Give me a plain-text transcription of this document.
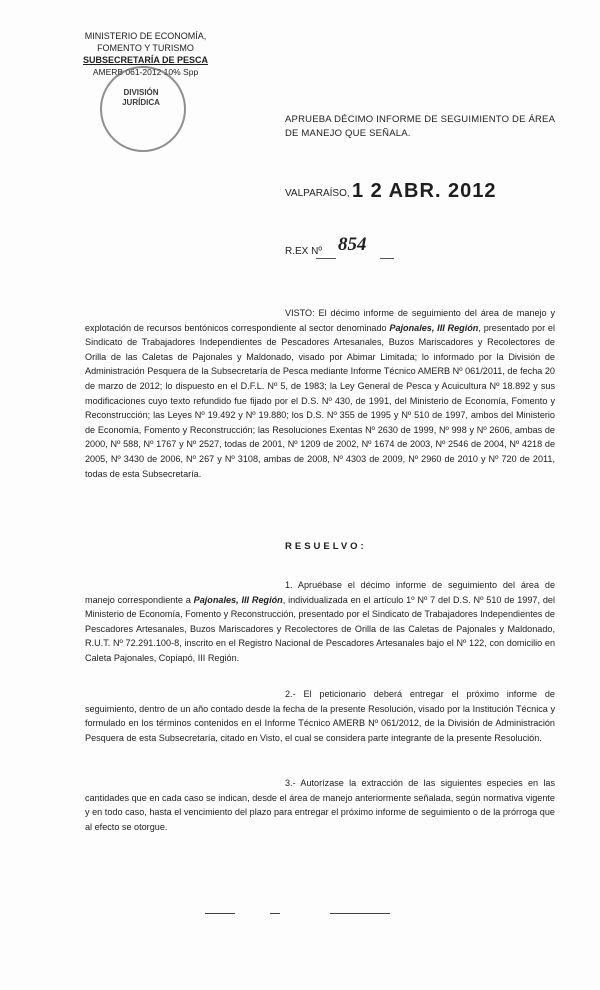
MINISTERIO DE ECONOMÍA,
FOMENTO Y TURISMO
SUBSECRETARÍA DE PESCA
AMERB 061-2012 10% Spp
DIVISIÓN
JURÍDICA
APRUEBA DÉCIMO INFORME DE SEGUIMIENTO DE ÁREA DE MANEJO QUE SEÑALA.
VALPARAÍSO, 1 2 ABR. 2012
R.EX Nº 854
VISTO: El décimo informe de seguimiento del área de manejo y explotación de recursos bentónicos correspondiente al sector denominado Pajonales, III Región, presentado por el Sindicato de Trabajadores Independientes de Pescadores Artesanales, Buzos Mariscadores y Recolectores de Orilla de las Caletas de Pajonales y Maldonado, visado por Abimar Limitada; lo informado por la División de Administración Pesquera de la Subsecretaría de Pesca mediante Informe Técnico AMERB Nº 061/2011, de fecha 20 de marzo de 2012; lo dispuesto en el D.F.L. Nº 5, de 1983; la Ley General de Pesca y Acuicultura Nº 18.892 y sus modificaciones cuyo texto refundido fue fijado por el D.S. Nº 430, de 1991, del Ministerio de Economía, Fomento y Reconstrucción; las Leyes Nº 19.492 y Nº 19.880; los D.S. Nº 355 de 1995 y Nº 510 de 1997, ambos del Ministerio de Economía, Fomento y Reconstrucción; las Resoluciones Exentas Nº 2630 de 1999, Nº 998 y Nº 2606, ambas de 2000, Nº 588, Nº 1767 y Nº 2527, todas de 2001, Nº 1209 de 2002, Nº 1674 de 2003, Nº 2546 de 2004, Nº 4218 de 2005, Nº 3430 de 2006, Nº 267 y Nº 3108, ambas de 2008, Nº 4303 de 2009, Nº 2960 de 2010 y Nº 720 de 2011, todas de esta Subsecretaría.
RESUELVO:
1. Apruébase el décimo informe de seguimiento del área de manejo correspondiente a Pajonales, III Región, individualizada en el artículo 1º Nº 7 del D.S. Nº 510 de 1997, del Ministerio de Economía, Fomento y Reconstrucción, presentado por el Sindicato de Trabajadores Independientes de Pescadores Artesanales, Buzos Mariscadores y Recolectores de Orilla de las Caletas de Pajonales y Maldonado, R.U.T. Nº 72.291.100-8, inscrito en el Registro Nacional de Pescadores Artesanales bajo el Nº 122, con domicilio en Caleta Pajonales, Copiapó, III Región.
2.- El peticionario deberá entregar el próximo informe de seguimiento, dentro de un año contado desde la fecha de la presente Resolución, visado por la Institución Técnica y formulado en los términos contenidos en el Informe Técnico AMERB Nº 061/2012, de la División de Administración Pesquera de esta Subsecretaría, citado en Visto, el cual se considera parte integrante de la presente Resolución.
3.- Autorízase la extracción de las siguientes especies en las cantidades que en cada caso se indican, desde el área de manejo anteriormente señalada, según normativa vigente y en todo caso, hasta el vencimiento del plazo para entregar el próximo informe de seguimiento o de la prórroga que al efecto se otorgue.
